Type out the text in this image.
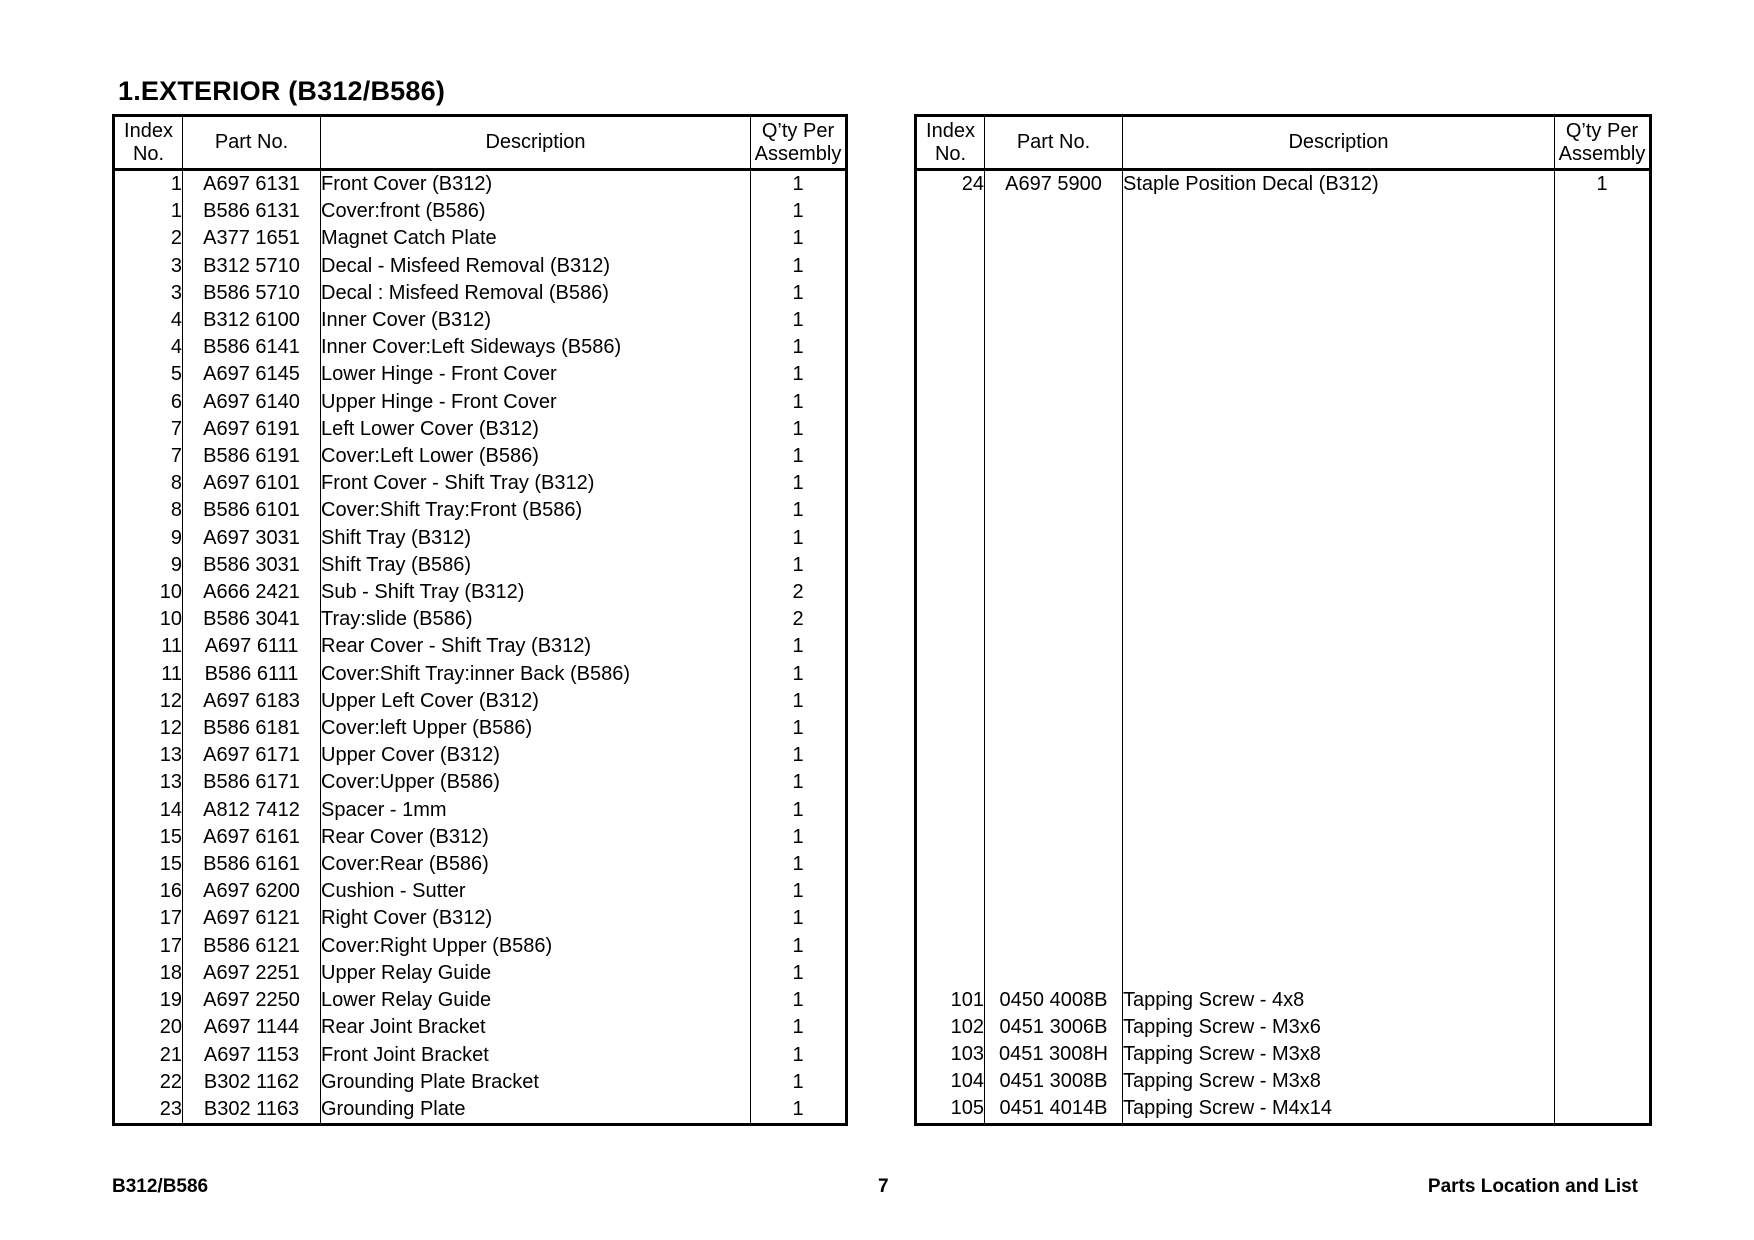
1.EXTERIOR (B312/B586)
Index
No.	Part No.	Description	Q’ty Per
Assembly
1	A697 6131	Front Cover (B312)	1
1	B586 6131	Cover:front (B586)	1
2	A377 1651	Magnet Catch Plate	1
3	B312 5710	Decal - Misfeed Removal (B312)	1
3	B586 5710	Decal : Misfeed Removal (B586)	1
4	B312 6100	Inner Cover (B312)	1
4	B586 6141	Inner Cover:Left Sideways (B586)	1
5	A697 6145	Lower Hinge - Front Cover	1
6	A697 6140	Upper Hinge - Front Cover	1
7	A697 6191	Left Lower Cover (B312)	1
7	B586 6191	Cover:Left Lower (B586)	1
8	A697 6101	Front Cover - Shift Tray (B312)	1
8	B586 6101	Cover:Shift Tray:Front (B586)	1
9	A697 3031	Shift Tray (B312)	1
9	B586 3031	Shift Tray (B586)	1
10	A666 2421	Sub - Shift Tray (B312)	2
10	B586 3041	Tray:slide (B586)	2
11	A697 6111	Rear Cover - Shift Tray (B312)	1
11	B586 6111	Cover:Shift Tray:inner Back (B586)	1
12	A697 6183	Upper Left Cover (B312)	1
12	B586 6181	Cover:left Upper (B586)	1
13	A697 6171	Upper Cover (B312)	1
13	B586 6171	Cover:Upper (B586)	1
14	A812 7412	Spacer - 1mm	1
15	A697 6161	Rear Cover (B312)	1
15	B586 6161	Cover:Rear (B586)	1
16	A697 6200	Cushion - Sutter	1
17	A697 6121	Right Cover (B312)	1
17	B586 6121	Cover:Right Upper (B586)	1
18	A697 2251	Upper Relay Guide	1
19	A697 2250	Lower Relay Guide	1
20	A697 1144	Rear Joint Bracket	1
21	A697 1153	Front Joint Bracket	1
22	B302 1162	Grounding Plate Bracket	1
23	B302 1163	Grounding Plate	1
Index
No.	Part No.	Description	Q’ty Per
Assembly
24	A697 5900	Staple Position Decal (B312)	1

101	0450 4008B	Tapping Screw - 4x8	
102	0451 3006B	Tapping Screw - M3x6	
103	0451 3008H	Tapping Screw - M3x8	
104	0451 3008B	Tapping Screw - M3x8	
105	0451 4014B	Tapping Screw - M4x14	
B312/B586	7	Parts Location and List
